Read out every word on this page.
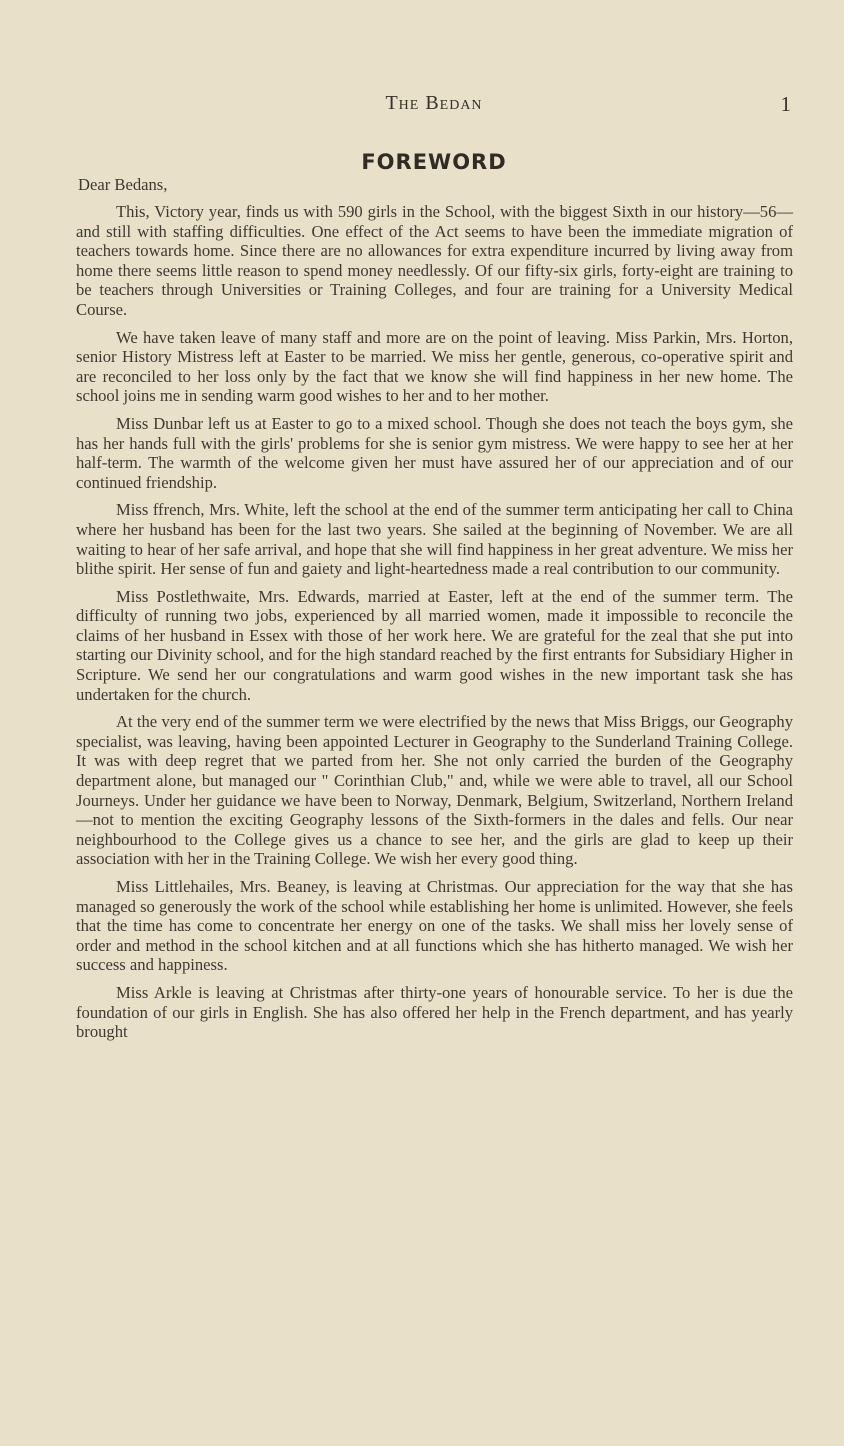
The Bedan	1
FOREWORD
Dear Bedans,

This, Victory year, finds us with 590 girls in the School, with the biggest Sixth in our history—56—and still with staffing difficulties. One effect of the Act seems to have been the immediate migration of teachers towards home. Since there are no allowances for extra expenditure incurred by living away from home there seems little reason to spend money needlessly. Of our fifty-six girls, forty-eight are training to be teachers through Universities or Training Colleges, and four are training for a University Medical Course.

We have taken leave of many staff and more are on the point of leaving. Miss Parkin, Mrs. Horton, senior History Mistress left at Easter to be married. We miss her gentle, generous, co-operative spirit and are reconciled to her loss only by the fact that we know she will find happiness in her new home. The school joins me in sending warm good wishes to her and to her mother.

Miss Dunbar left us at Easter to go to a mixed school. Though she does not teach the boys gym, she has her hands full with the girls' problems for she is senior gym mistress. We were happy to see her at her half-term. The warmth of the welcome given her must have assured her of our appreciation and of our continued friendship.

Miss ffrench, Mrs. White, left the school at the end of the summer term anticipating her call to China where her husband has been for the last two years. She sailed at the beginning of November. We are all waiting to hear of her safe arrival, and hope that she will find happiness in her great adventure. We miss her blithe spirit. Her sense of fun and gaiety and light-heartedness made a real contribution to our community.

Miss Postlethwaite, Mrs. Edwards, married at Easter, left at the end of the summer term. The difficulty of running two jobs, experienced by all married women, made it impossible to reconcile the claims of her husband in Essex with those of her work here. We are grateful for the zeal that she put into starting our Divinity school, and for the high standard reached by the first entrants for Subsidiary Higher in Scripture. We send her our congratulations and warm good wishes in the new important task she has undertaken for the church.

At the very end of the summer term we were electrified by the news that Miss Briggs, our Geography specialist, was leaving, having been appointed Lecturer in Geography to the Sunderland Training College. It was with deep regret that we parted from her. She not only carried the burden of the Geography department alone, but managed our " Corinthian Club," and, while we were able to travel, all our School Journeys. Under her guidance we have been to Norway, Denmark, Belgium, Switzerland, Northern Ireland—not to mention the exciting Geography lessons of the Sixth-formers in the dales and fells. Our near neighbourhood to the College gives us a chance to see her, and the girls are glad to keep up their association with her in the Training College. We wish her every good thing.

Miss Littlehailes, Mrs. Beaney, is leaving at Christmas. Our appreciation for the way that she has managed so generously the work of the school while establishing her home is unlimited. However, she feels that the time has come to concentrate her energy on one of the tasks. We shall miss her lovely sense of order and method in the school kitchen and at all functions which she has hitherto managed. We wish her success and happiness.

Miss Arkle is leaving at Christmas after thirty-one years of honourable service. To her is due the foundation of our girls in English. She has also offered her help in the French department, and has yearly brought
